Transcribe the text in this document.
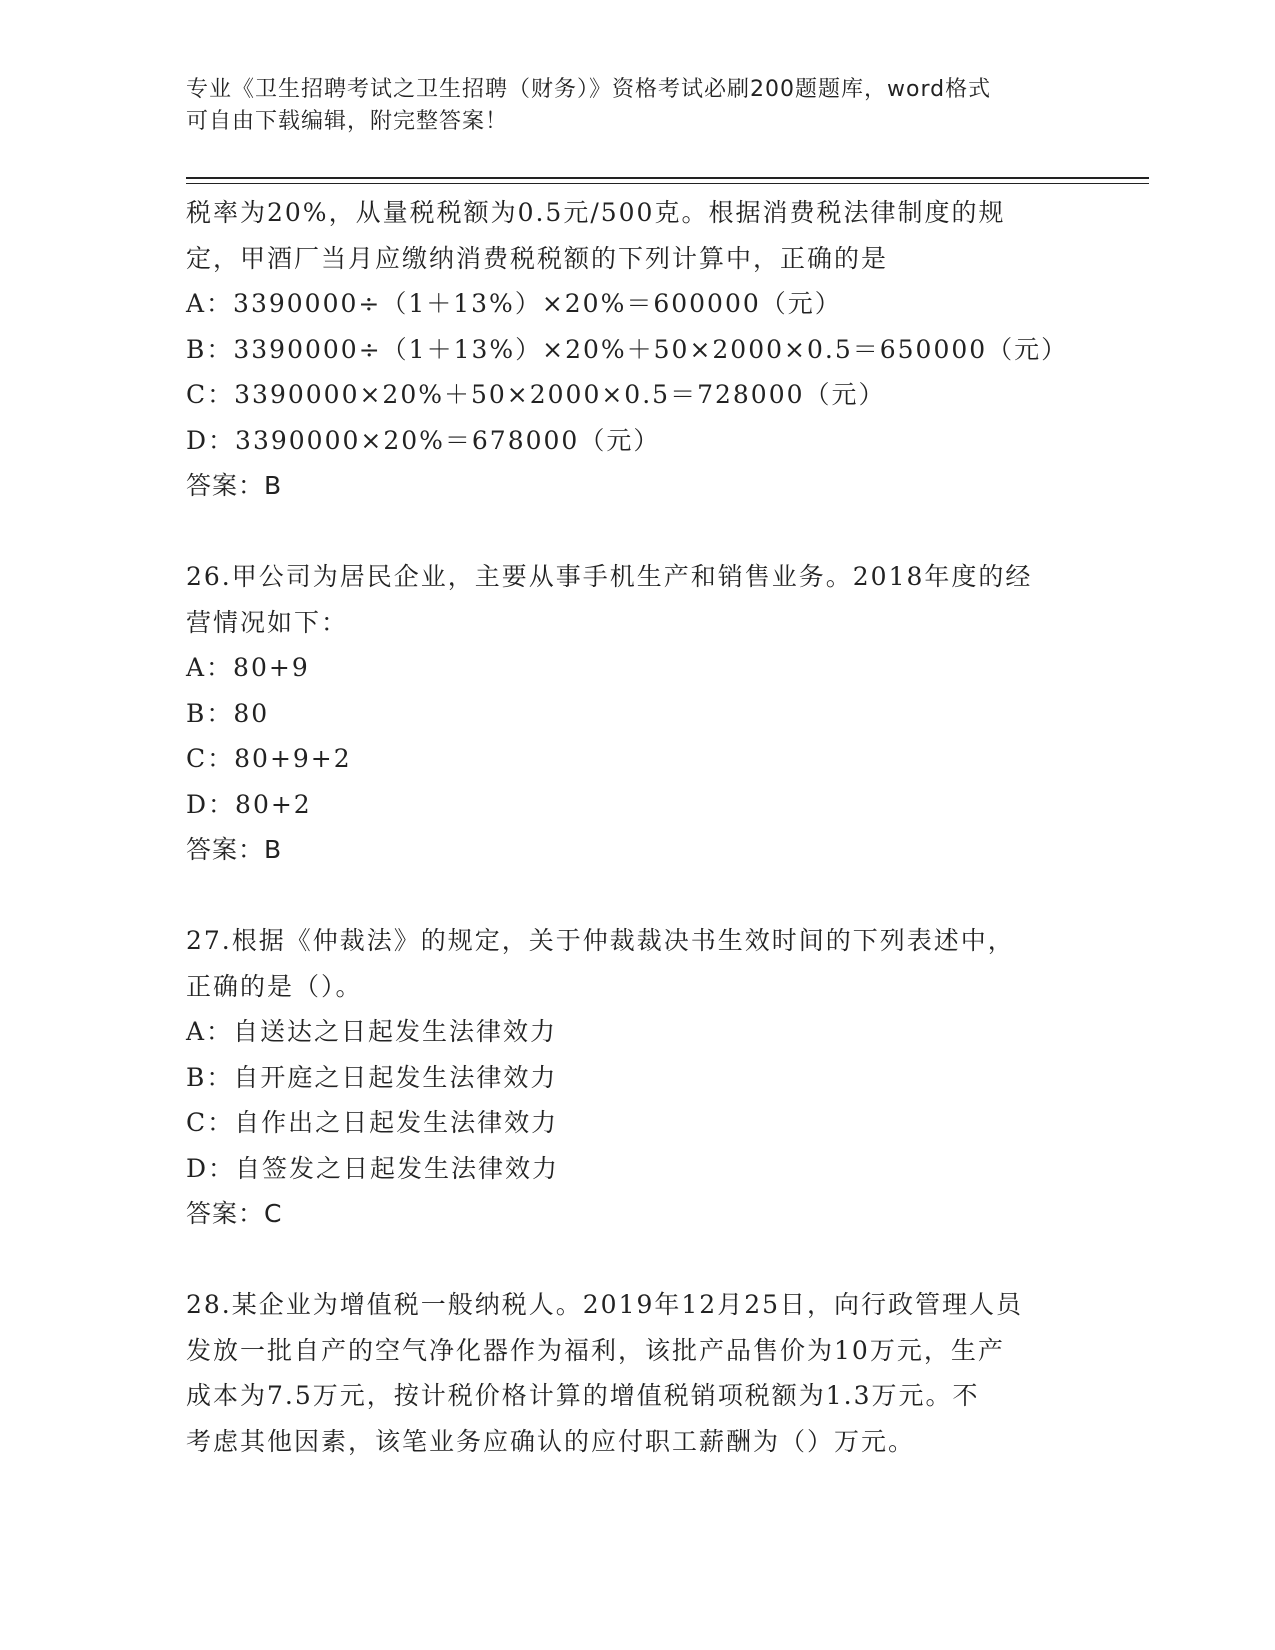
专业《卫生招聘考试之卫生招聘（财务）》资格考试必刷200题题库，word格式
可自由下载编辑，附完整答案！
税率为20%，从量税税额为0.5元/500克。根据消费税法律制度的规
定，甲酒厂当月应缴纳消费税税额的下列计算中，正确的是
A：3390000÷（1＋13%）×20%＝600000（元）
B：3390000÷（1＋13%）×20%＋50×2000×0.5＝650000（元）
C：3390000×20%＋50×2000×0.5＝728000（元）
D：3390000×20%＝678000（元）
答案：B
26.甲公司为居民企业，主要从事手机生产和销售业务。2018年度的经
营情况如下：
A：80+9
B：80
C：80+9+2
D：80+2
答案：B
27.根据《仲裁法》的规定，关于仲裁裁决书生效时间的下列表述中，
正确的是（）。
A：自送达之日起发生法律效力
B：自开庭之日起发生法律效力
C：自作出之日起发生法律效力
D：自签发之日起发生法律效力
答案：C
28.某企业为增值税一般纳税人。2019年12月25日，向行政管理人员
发放一批自产的空气净化器作为福利，该批产品售价为10万元，生产
成本为7.5万元，按计税价格计算的增值税销项税额为1.3万元。不
考虑其他因素，该笔业务应确认的应付职工薪酬为（）万元。
